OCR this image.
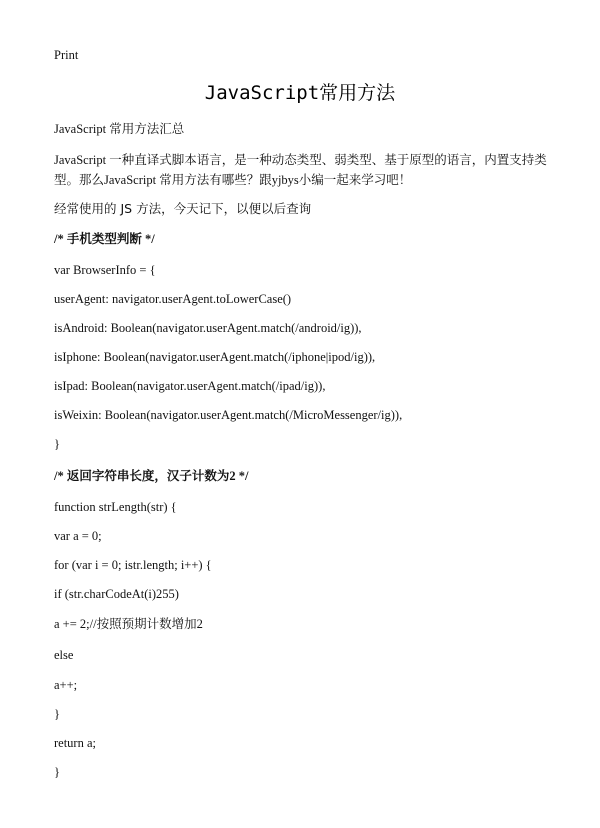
Print
JavaScript常用方法
JavaScript 常用方法汇总
JavaScript 一种直译式脚本语言，是一种动态类型、弱类型、基于原型的语言，内置支持类型。那么JavaScript 常用方法有哪些？跟yjbys小编一起来学习吧！
经常使用的 JS 方法，今天记下，以便以后查询
/* 手机类型判断 */
var BrowserInfo = {
userAgent: navigator.userAgent.toLowerCase()
isAndroid: Boolean(navigator.userAgent.match(/android/ig)),
isIphone: Boolean(navigator.userAgent.match(/iphone|ipod/ig)),
isIpad: Boolean(navigator.userAgent.match(/ipad/ig)),
isWeixin: Boolean(navigator.userAgent.match(/MicroMessenger/ig)),
}
/* 返回字符串长度，汉子计数为2 */
function strLength(str) {
var a = 0;
for (var i = 0; istr.length; i++) {
if (str.charCodeAt(i)255)
a += 2;//按照预期计数增加2
else
a++;
}
return a;
}
